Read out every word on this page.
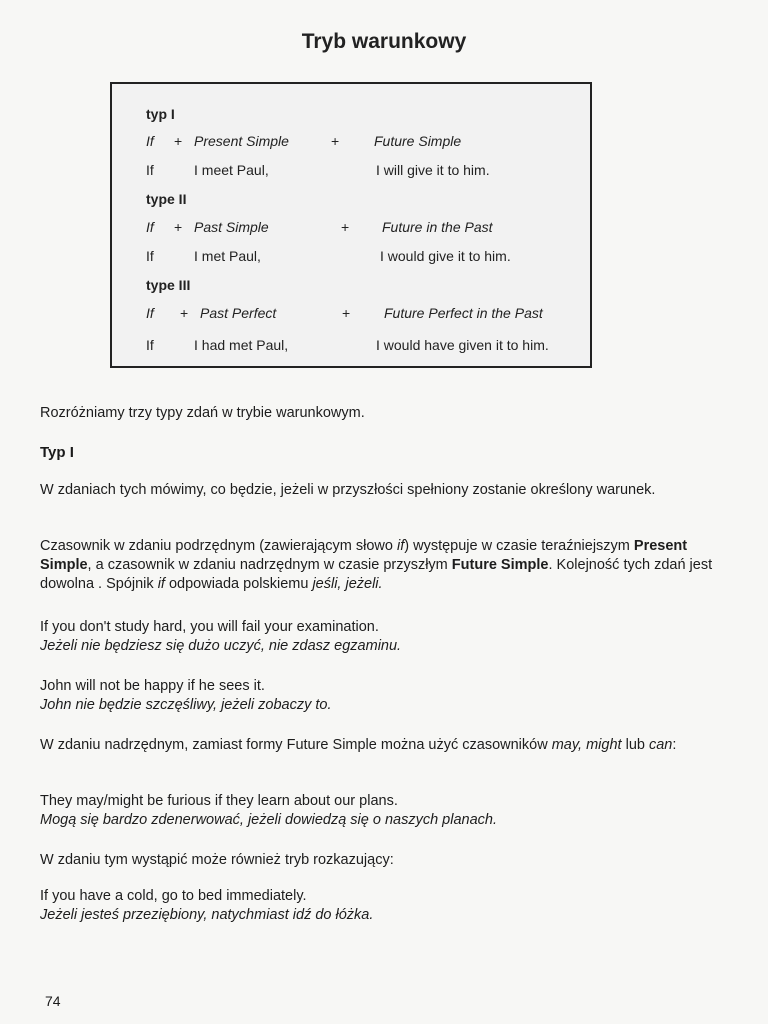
Tryb warunkowy
typ I
If + Present Simple	+ Future Simple
If	I meet Paul,	I will give it to him.
type II
If + Past Simple	+ Future in the Past
If	I met Paul,	I would give it to him.
type III
If + Past Perfect	+ Future Perfect in the Past
If	I had met Paul,	I would have given it to him.
Rozróżniamy trzy typy zdań w trybie warunkowym.
Typ I
W zdaniach tych mówimy, co będzie, jeżeli w przyszłości spełniony zostanie określony warunek.
Czasownik w zdaniu podrzędnym (zawierającym słowo if) występuje w czasie teraźniejszym Present Simple, a czasownik w zdaniu nadrzędnym w czasie przyszłym Future Simple. Kolejność tych zdań jest dowolna . Spójnik if odpowiada polskiemu jeśli, jeżeli.
If you don't study hard, you will fail your examination.
Jeżeli nie będziesz się dużo uczyć, nie zdasz egzaminu.
John will not be happy if he sees it.
John nie będzie szczęśliwy, jeżeli zobaczy to.
W zdaniu nadrzędnym, zamiast formy Future Simple można użyć czasowników may, might lub can:
They may/might be furious if they learn about our plans.
Mogą się bardzo zdenerwować, jeżeli dowiedzą się o naszych planach.
W zdaniu tym wystąpić może również tryb rozkazujący:
If you have a cold, go to bed immediately.
Jeżeli jesteś przeziębiony, natychmiast idź do łóżka.
74
